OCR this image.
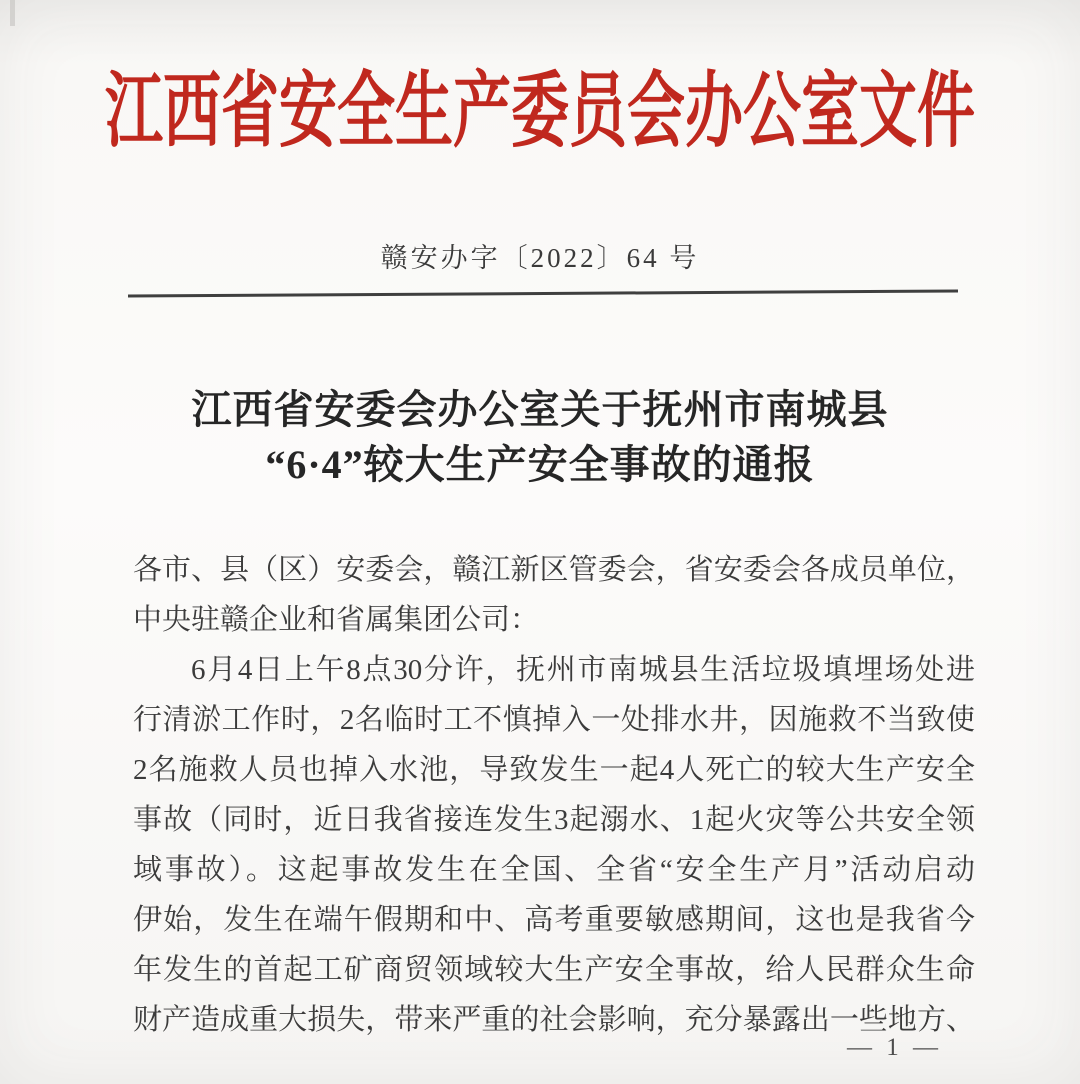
江西省安全生产委员会办公室文件
赣安办字〔2022〕64 号
江西省安委会办公室关于抚州市南城县
“6·4”较大生产安全事故的通报
各市、县（区）安委会，赣江新区管委会，省安委会各成员单位，
中央驻赣企业和省属集团公司：
6月4日上午8点30分许，抚州市南城县生活垃圾填埋场处进
行清淤工作时，2名临时工不慎掉入一处排水井，因施救不当致使
2名施救人员也掉入水池，导致发生一起4人死亡的较大生产安全
事故（同时，近日我省接连发生3起溺水、1起火灾等公共安全领
域事故）。这起事故发生在全国、全省“安全生产月”活动启动
伊始，发生在端午假期和中、高考重要敏感期间，这也是我省今
年发生的首起工矿商贸领域较大生产安全事故，给人民群众生命
财产造成重大损失，带来严重的社会影响，充分暴露出一些地方、
— 1 —
